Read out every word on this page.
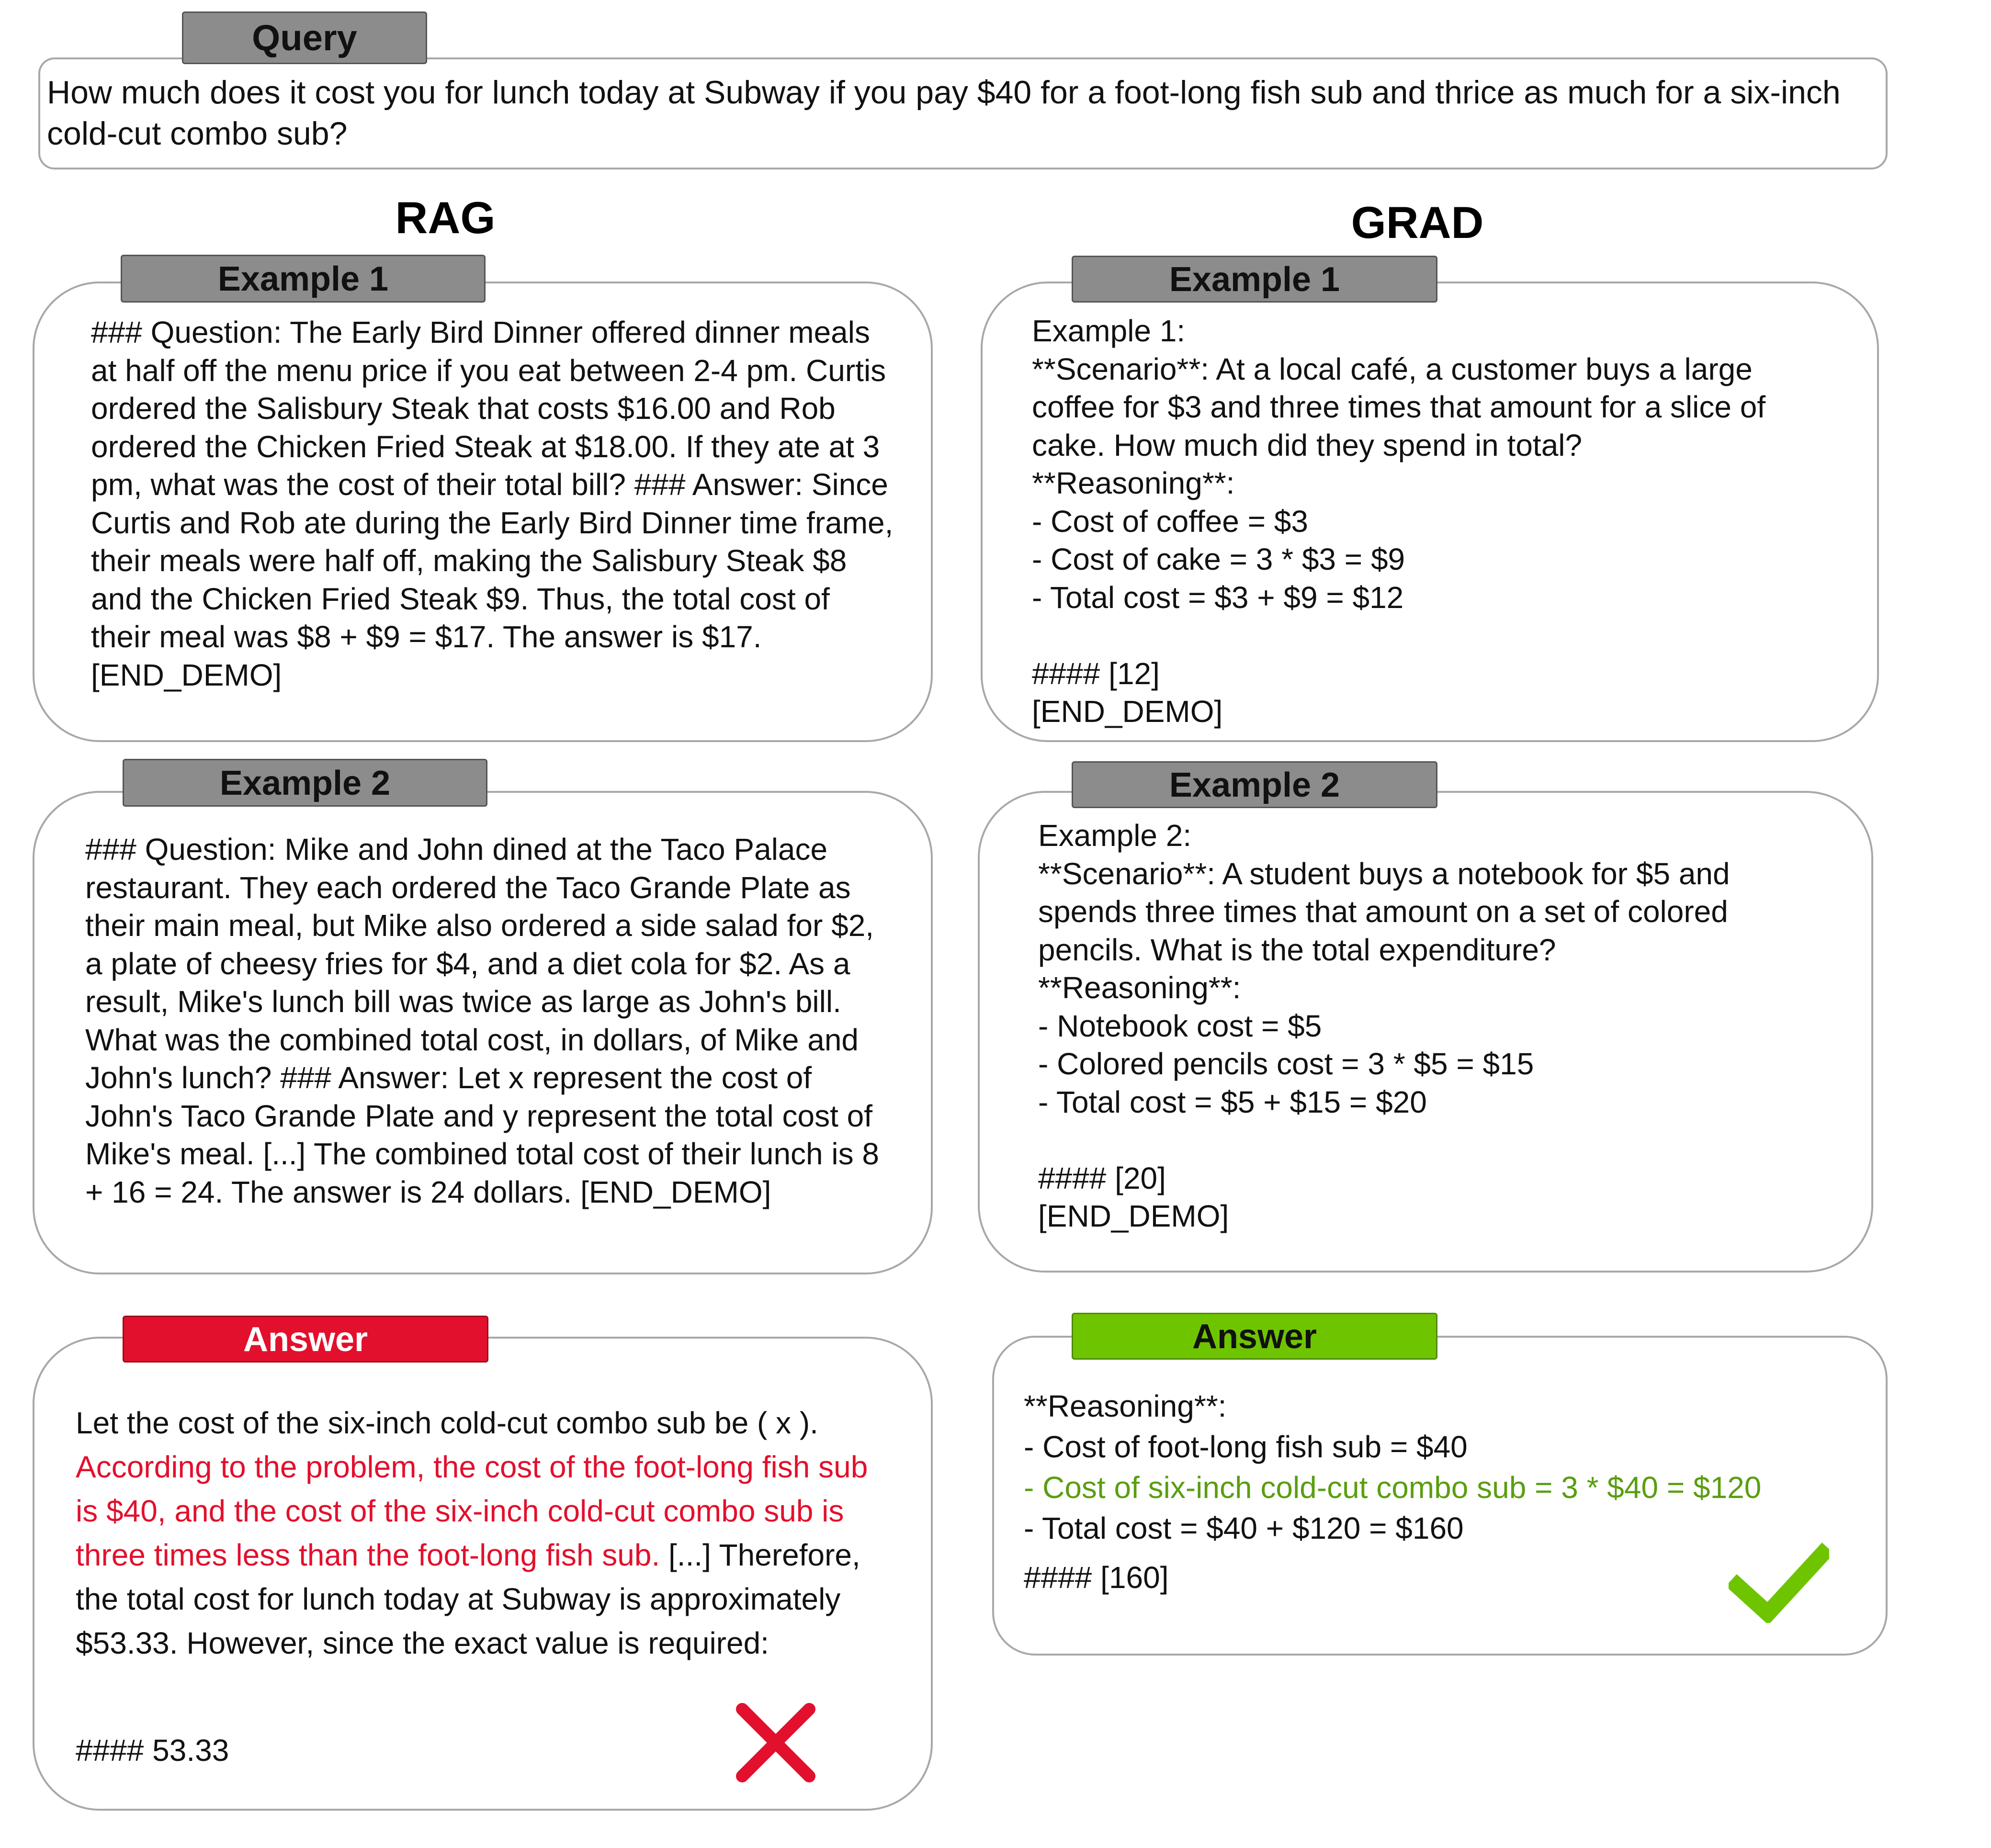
Query
How much does it cost you for lunch today at Subway if you pay $40 for a foot-long fish sub and thrice as much for a six-inch cold-cut combo sub?
RAG	GRAD
Example 1
### Question: The Early Bird Dinner offered dinner meals at half off the menu price if you eat between 2-4 pm. Curtis ordered the Salisbury Steak that costs $16.00 and Rob ordered the Chicken Fried Steak at $18.00. If they ate at 3 pm, what was the cost of their total bill? ### Answer: Since Curtis and Rob ate during the Early Bird Dinner time frame, their meals were half off, making the Salisbury Steak $8 and the Chicken Fried Steak $9. Thus, the total cost of their meal was $8 + $9 = $17. The answer is $17. [END_DEMO]
Example 2
### Question: Mike and John dined at the Taco Palace restaurant. They each ordered the Taco Grande Plate as their main meal, but Mike also ordered a side salad for $2, a plate of cheesy fries for $4, and a diet cola for $2. As a result, Mike's lunch bill was twice as large as John's bill. What was the combined total cost, in dollars, of Mike and John's lunch? ### Answer: Let x represent the cost of John's Taco Grande Plate and y represent the total cost of Mike's meal. [...] The combined total cost of their lunch is 8 + 16 = 24. The answer is 24 dollars. [END_DEMO]
Answer
Let the cost of the six-inch cold-cut combo sub be ( x ).
According to the problem, the cost of the foot-long fish sub is $40, and the cost of the six-inch cold-cut combo sub is three times less than the foot-long fish sub. [...] Therefore, the total cost for lunch today at Subway is approximately $53.33. However, since the exact value is required:
#### 53.33
Example 1
Example 1:
**Scenario**: At a local café, a customer buys a large coffee for $3 and three times that amount for a slice of cake. How much did they spend in total?
**Reasoning**:
- Cost of coffee = $3
- Cost of cake = 3 * $3 = $9
- Total cost = $3 + $9 = $12
#### [12]
[END_DEMO]
Example 2
Example 2:
**Scenario**: A student buys a notebook for $5 and spends three times that amount on a set of colored pencils. What is the total expenditure?
**Reasoning**:
- Notebook cost = $5
- Colored pencils cost = 3 * $5 = $15
- Total cost = $5 + $15 = $20
#### [20]
[END_DEMO]
Answer
**Reasoning**:
- Cost of foot-long fish sub = $40
- Cost of six-inch cold-cut combo sub = 3 * $40 = $120
- Total cost = $40 + $120 = $160
#### [160]
